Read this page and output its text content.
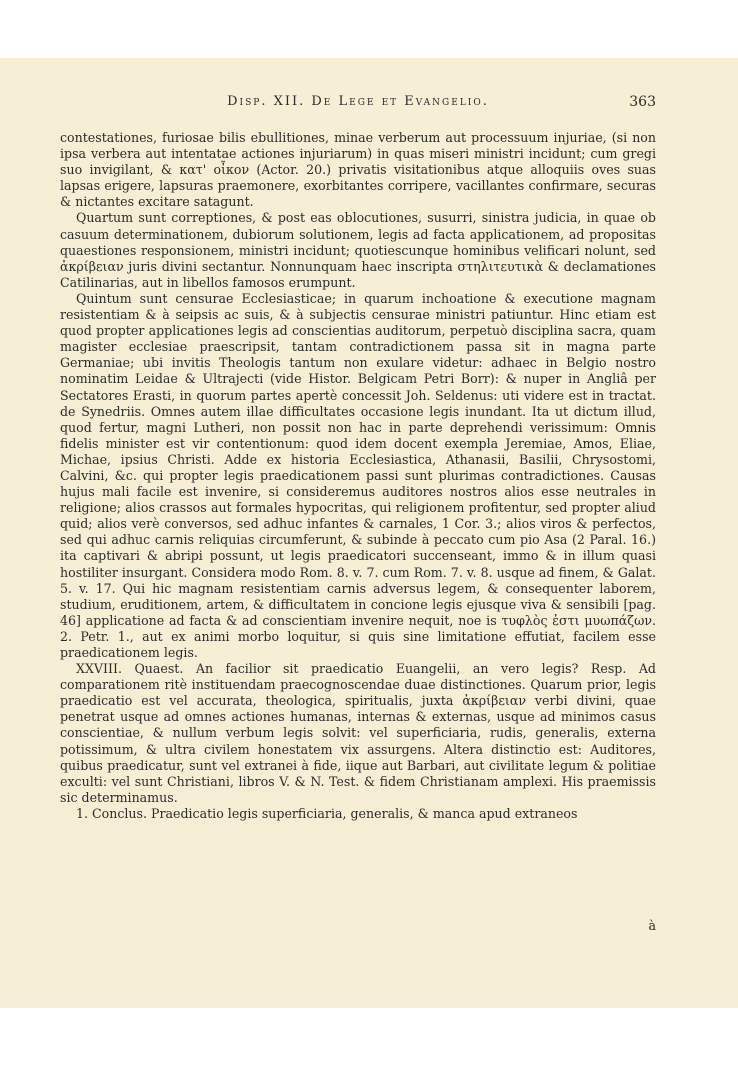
Disp. XII. De Lege et Evangelio.	363

contestationes, furiosae bilis ebullitiones, minae verberum aut processuum injuriae, (si non ipsa verbera aut intentatae actiones injuriarum) in quas miseri ministri incidunt; cum gregi suo invigilant, & κατ' οἶκον (Actor. 20.) privatis visitationibus atque alloquiis oves suas lapsas erigere, lapsuras praemonere, exorbitantes corripere, vacillantes confirmare, securas & nictantes excitare satagunt.

Quartum sunt correptiones, & post eas oblocutiones, susurri, sinistra judicia, in quae ob casuum determinationem, dubiorum solutionem, legis ad facta applicationem, ad propositas quaestiones responsionem, ministri incidunt; quotiescunque hominibus velificari nolunt, sed ἀκρίβειαν juris divini sectantur. Nonnunquam haec inscripta στηλιτευτικὰ & declamationes Catilinarias, aut in libellos famosos erumpunt.

Quintum sunt censurae Ecclesiasticae; in quarum inchoatione & executione magnam resistentiam & à seipsis ac suis, & à subjectis censurae ministri patiuntur. Hinc etiam est quod propter applicationes legis ad conscientias auditorum, perpetuò disciplina sacra, quam magister ecclesiae praescripsit, tantam contradictionem passa sit in magna parte Germaniae; ubi invitis Theologis tantum non exulare videtur: adhaec in Belgio nostro nominatim Leidae & Ultrajecti (vide Histor. Belgicam Petri Borr): & nuper in Angliâ per Sectatores Erasti, in quorum partes apertè concessit Joh. Seldenus: uti videre est in tractat. de Synedriis. Omnes autem illae difficultates occasione legis inundant. Ita ut dictum illud, quod fertur, magni Lutheri, non possit non hac in parte deprehendi verissimum: Omnis fidelis minister est vir contentionum: quod idem docent exempla Jeremiae, Amos, Eliae, Michae, ipsius Christi. Adde ex historia Ecclesiastica, Athanasii, Basilii, Chrysostomi, Calvini, &c. qui propter legis praedicationem passi sunt plurimas contradictiones. Causas hujus mali facile est invenire, si consideremus auditores nostros alios esse neutrales in religione; alios crassos aut formales hypocritas, qui religionem profitentur, sed propter aliud quid; alios verè conversos, sed adhuc infantes & carnales, 1 Cor. 3.; alios viros & perfectos, sed qui adhuc carnis reliquias circumferunt, & subinde à peccato cum pio Asa (2 Paral. 16.) ita captivari & abripi possunt, ut legis praedicatori succenseant, immo & in illum quasi hostiliter insurgant. Considera modo Rom. 8. v. 7. cum Rom. 7. v. 8. usque ad finem, & Galat. 5. v. 17. Qui hic magnam resistentiam carnis adversus legem, & consequenter laborem, studium, eruditionem, artem, & difficultatem in concione legis ejusque viva & sensibili [pag. 46] applicatione ad facta & ad conscientiam invenire nequit, noe is τυφλὸς ἐστι μυωπάζων. 2. Petr. 1., aut ex animi morbo loquitur, si quis sine limitatione effutiat, facilem esse praedicationem legis.

XXVIII. Quaest. An facilior sit praedicatio Euangelii, an vero legis? Resp. Ad comparationem ritè instituendam praecognoscendae duae distinctiones. Quarum prior, legis praedicatio est vel accurata, theologica, spiritualis, juxta ἀκρίβειαν verbi divini, quae penetrat usque ad omnes actiones humanas, internas & externas, usque ad minimos casus conscientiae, & nullum verbum legis solvit: vel superficiaria, rudis, generalis, externa potissimum, & ultra civilem honestatem vix assurgens. Altera distinctio est: Auditores, quibus praedicatur, sunt vel extranei à fide, iique aut Barbari, aut civilitate legum & politiae exculti: vel sunt Christiani, libros V. & N. Test. & fidem Christianam amplexi. His praemissis sic determinamus.

1. Conclus. Praedicatio legis superficiaria, generalis, & manca apud extraneos

à
